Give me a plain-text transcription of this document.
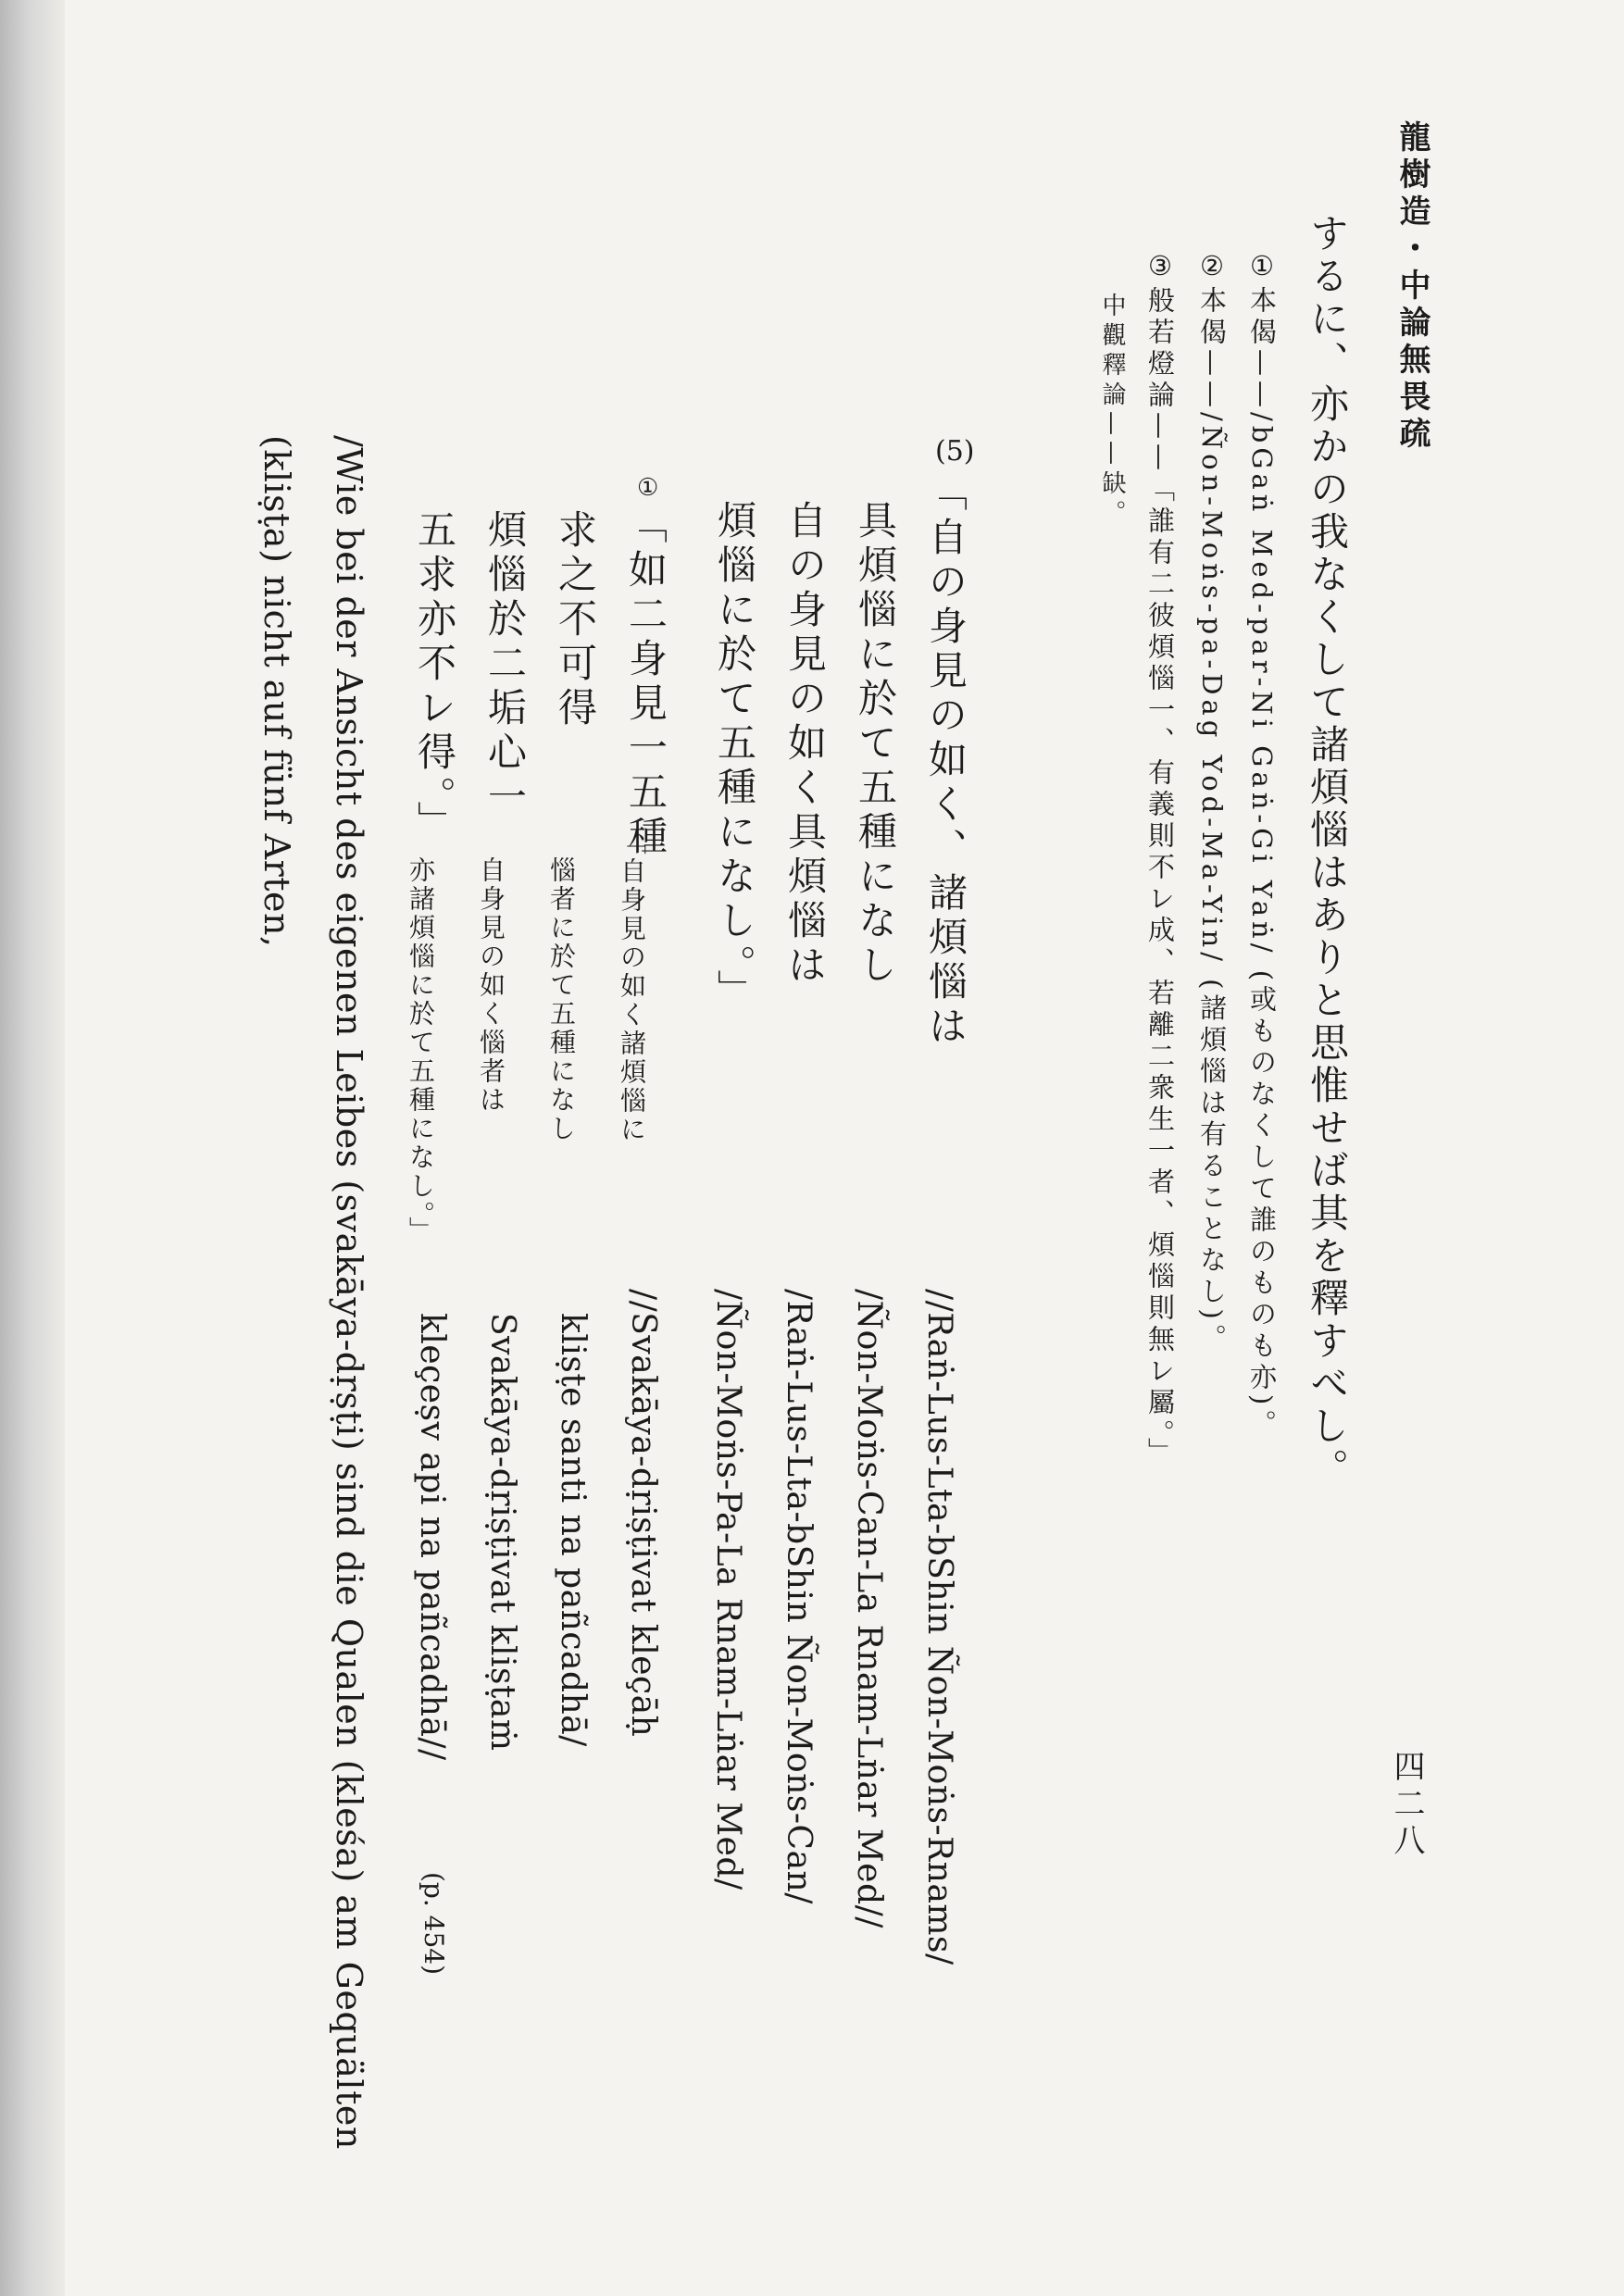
龍樹造・中論無畏疏
四二八
するに、亦かの我なくして諸煩惱はありと思惟せば其を釋すべし。
①本偈——/bGaṅ Med-par-Ni Gaṅ-Gi Yaṅ/ (或ものなくして誰のものも亦)。
②本偈——/Ñon-Moṅs-pa-Dag Yod-Ma-Yin/ (諸煩惱は有ることなし)。
③般若燈論——「誰有二彼煩惱一、有義則不レ成、若離二衆生一者、煩惱則無レ屬。」
中觀釋論——缺。
(5)
「自の身見の如く、諸煩惱は
具煩惱に於て五種になし
自の身見の如く具煩惱は
煩惱に於て五種になし。」
①
「如二身見一五種
求之不可得
煩惱於二垢心一
五求亦不レ得。」
「自身見の如く諸煩惱に
惱者に於て五種になし
自身見の如く惱者は
亦諸煩惱に於て五種になし。」
//Raṅ-Lus-Lta-bShin Ñon-Moṅs-Rnams/
/Ñon-Moṅs-Can-La Rnam-Lṅar Med//
/Raṅ-Lus-Lta-bShin Ñon-Moṅs-Can/
/Ñon-Moṅs-Pa-La Rnam-Lṅar Med/
//Svakāya-dṛiṣṭivat kleçāḥ
kliṣṭe santi na pañcadhā/
Svakāya-dṛiṣṭivat kliṣṭaṁ
kleçeṣv api na pañcadhā//
(p. 454)
/Wie bei der Ansicht des eigenen Leibes (svakāya-dṛṣṭi) sind die Qualen (kleśa) am Gequälten
(kliṣṭa) nicht auf fünf Arten,
